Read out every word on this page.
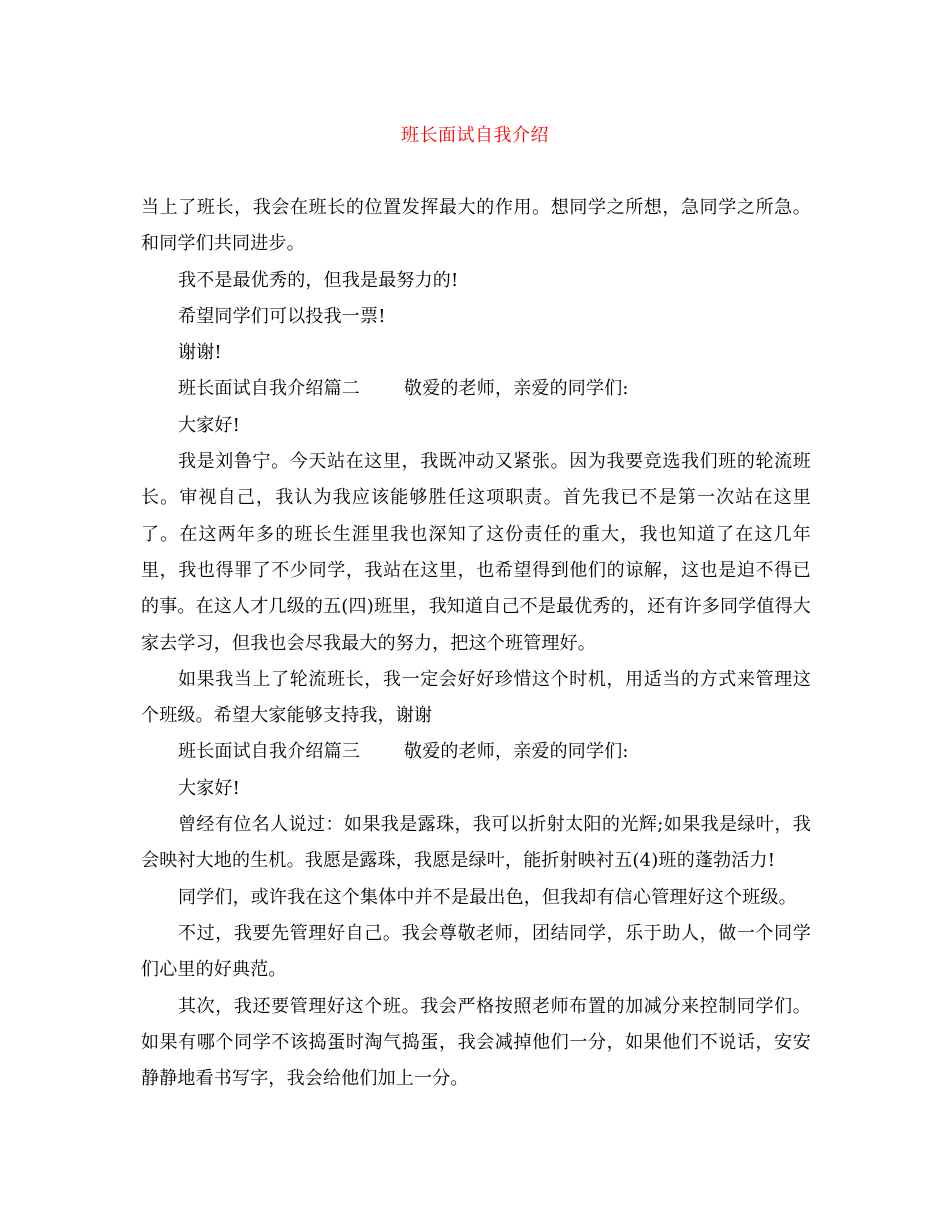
班长面试自我介绍

当上了班长，我会在班长的位置发挥最大的作用。想同学之所想，急同学之所急。和同学们共同进步。

我不是最优秀的，但我是最努力的!

希望同学们可以投我一票!

谢谢!

班长面试自我介绍篇二 敬爱的老师，亲爱的同学们:

大家好!

我是刘鲁宁。今天站在这里，我既冲动又紧张。因为我要竞选我们班的轮流班长。审视自己，我认为我应该能够胜任这项职责。首先我已不是第一次站在这里了。在这两年多的班长生涯里我也深知了这份责任的重大，我也知道了在这几年里，我也得罪了不少同学，我站在这里，也希望得到他们的谅解，这也是迫不得已的事。在这人才几级的五(四)班里，我知道自己不是最优秀的，还有许多同学值得大家去学习，但我也会尽我最大的努力，把这个班管理好。

如果我当上了轮流班长，我一定会好好珍惜这个时机，用适当的方式来管理这个班级。希望大家能够支持我，谢谢

班长面试自我介绍篇三 敬爱的老师，亲爱的同学们:

大家好!

曾经有位名人说过：如果我是露珠，我可以折射太阳的光辉;如果我是绿叶，我会映衬大地的生机。我愿是露珠，我愿是绿叶，能折射映衬五(4)班的蓬勃活力!

同学们，或许我在这个集体中并不是最出色，但我却有信心管理好这个班级。

不过，我要先管理好自己。我会尊敬老师，团结同学，乐于助人，做一个同学们心里的好典范。

其次，我还要管理好这个班。我会严格按照老师布置的加减分来控制同学们。如果有哪个同学不该捣蛋时淘气捣蛋，我会减掉他们一分，如果他们不说话，安安静静地看书写字，我会给他们加上一分。
